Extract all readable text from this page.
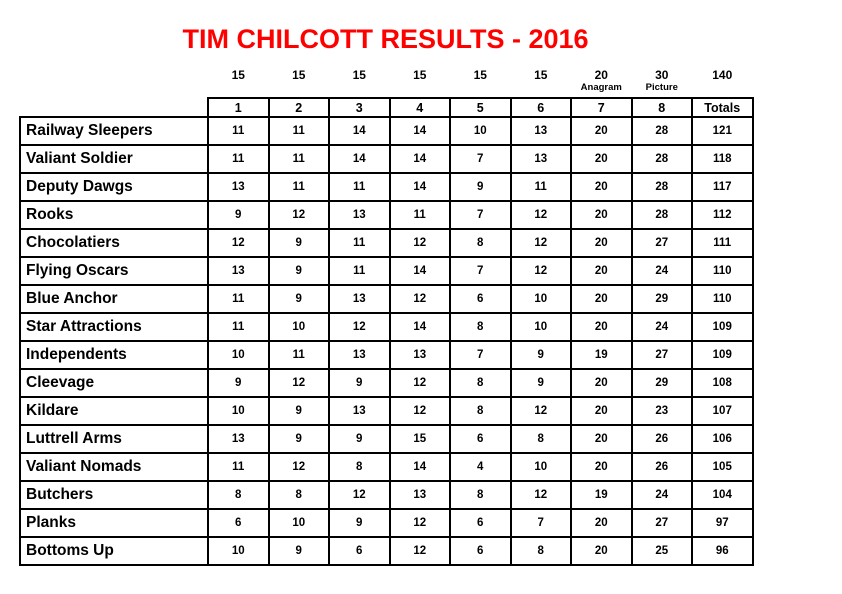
TIM CHILCOTT RESULTS - 2016
	15	15	15	15	15	15	20	30	140
							Anagram	Picture	
	1	2	3	4	5	6	7	8	Totals
Railway Sleepers	11	11	14	14	10	13	20	28	121
Valiant Soldier	11	11	14	14	7	13	20	28	118
Deputy Dawgs	13	11	11	14	9	11	20	28	117
Rooks	9	12	13	11	7	12	20	28	112
Chocolatiers	12	9	11	12	8	12	20	27	111
Flying Oscars	13	9	11	14	7	12	20	24	110
Blue Anchor	11	9	13	12	6	10	20	29	110
Star Attractions	11	10	12	14	8	10	20	24	109
Independents	10	11	13	13	7	9	19	27	109
Cleevage	9	12	9	12	8	9	20	29	108
Kildare	10	9	13	12	8	12	20	23	107
Luttrell Arms	13	9	9	15	6	8	20	26	106
Valiant Nomads	11	12	8	14	4	10	20	26	105
Butchers	8	8	12	13	8	12	19	24	104
Planks	6	10	9	12	6	7	20	27	97
Bottoms Up	10	9	6	12	6	8	20	25	96
